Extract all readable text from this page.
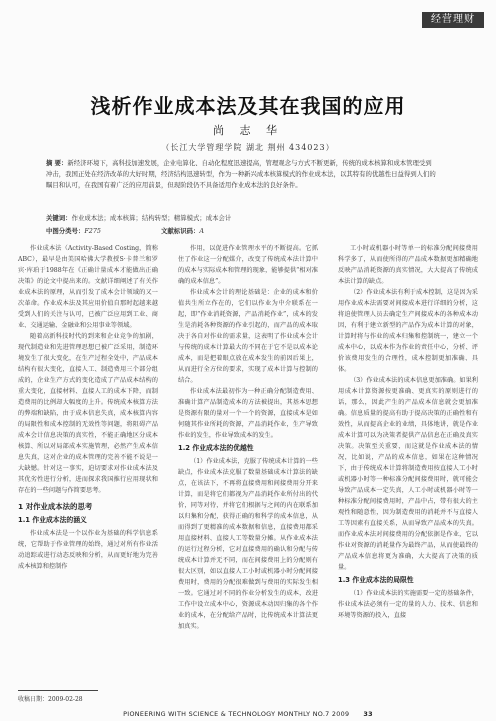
经营理财
浅析作业成本法及其在我国的应用
尚 志 华
（长江大学管理学院 湖北 荆州 434023）
摘 要：新经济环境下，高科技加速发展，企业电算化、自动化程度迅速提高，管理观念与方式不断更新，传统的成本核算和成本管理受到冲击，我国正处在经济改革的大好时期，经济结构迅速转型，作为一种新兴成本核算模式的作业成本法，以其特有的优越性日益得到人们的瞩目和认可，在我国有着广泛的应用前景，但现阶段仍不具备适用作业成本法的良好条件。
关键词：作业成本法；成本核算；结构转型；精算模式；成本会计
中图分类号：F275	文献标识码：A

作业成本法（Activity-Based Costing，简称ABC），最早是由美国哈佛大学教授S·卡普兰和罗宾·库珀于1988年在《正确计量成本才能做出正确决策》的论文中提出来的。文献详细阐述了有关作业成本法的原理，从而引发了成本会计领域的又一次革命。作业成本法及其应用价值自那时起越来越受到人们的关注与认可，已被广泛应用到工业、商业、交通运输、金融业和公用事业等领域。

随着高新科技时代的到来和企业竞争的加剧，现代制造业和先进管理思想已被广泛采用，制造环境发生了很大变化，在生产过程全处中，产品成本结构有很大变化，直接人工、制造费用三个部分组成的，企业生产方式的变化造成了产品成本结构的重大变化，直接材料、直接人工的成本下降，而制造费用的比例却大幅度的上升。传统成本核算方法的弊端和缺陷，由于成本信息失真，成本核算内容的局限性和成本控制的无效性等问题，将阻碍产品成本会计信息决策的真实性，不能正确地区分成本核算、所以对局部成本实施管理，必然产生成本信息失真，这对企业的成本管理的完善不能不说是一大缺憾。针对这一事实，迫切要求对作业成本法及其优劣性进行分析，进而探求我国推行应用现状和存在的一些问题与作简要思考。

1 对作业成本法的思考
1.1 作业成本法的涵义

作业成本法是一个以作业为基础的科学信息系统，它帮助于作业管理的始终，通过对所有作业活动追踪或进行动态反映和分析，从而更好地为完善成本核算和控制作

作用，以促进作业管理水平的不断提高。它抓住了作业这一分配媒介，改变了传统成本法计算中的成本与实际成本和管理的现象，能够提供“相对准确的成本信息”。

作业成本会计的理论基础是：企业的成本和价值共生所立作在的，它们以作业为中介联系在一起，即“作业消耗资源，产品消耗作业”，成本的发生是消耗各种资源的作业引起的，而产品的成本取决于各自对作业的需求量，这表明了作业成本会计与传统的成本计算最大的不同在于它不是以成本论成本，而是把着眼点放在成本发生的前因后果上，从而进行全方位的要求，实现了成本计算与控制的结合。

作业成本法最初作为一种正确分配制造费用、准确计算产品制造成本的方法被提出，其基本思想是资源有限的量对一个一个的资源，直接成本是如何随其作业所耗的资源，产品消耗作业，生产导致作业的发生，作业导致成本的发生。

1.2 作业成本法的优越性

（1）作业成本法，克服了传统成本计算的一些缺点，作业成本法克服了数量基础成本计算法的缺点，在该法下，不再将直接费用和间接费用分开来计算，而是将它们都视为产品消耗作业所付出的代价，同等对待，并将它们根据与之间的内在联系加以归集和分配，获得正确的和科学的成本信息，从而得到了更精准的成本数据和信息，直接费用都采用直接材料、直接人工等数量分摊。从作业成本法的运行过程分析，它对直接费用的确认和分配与传统成本计算并无不同，而在间接费用上的分配则有很大区别，如以直接人工小时或机器小时分配间接费用时，费用的分配很难做到与费用的实际发生相一致。它通过对不同的作业分析发生的成本，改进工作中设立成本中心，资源成本动因归集的各个作业的成本，在分配给产品时，比传统成本计算法更加真实。

工小时或机器小时等单一的标准分配间接费用科学多了，从而使所得的产品成本数据更加精确地反映产品消耗资源的真实情况，大大提高了传统成本法计算的缺点。

（2）作业成本法有利于成本控制，这是因为采用作业成本法需要对间接成本进行详细的分析，这将迫使管理人员去确定生产间接成本的各种成本动因，有利于建立新型的产品作为成本计算的对象，计算时将与作业的成本归集和控制统一，建立一个成本中心，以成本作为作业的责任中心，分析、评价该费用发生的合理性，成本控制更加准确、具体。

（3）作业成本法的成本信息更加准确。如果利用成本计算资源按更准确、更真实的原则进行的话，那么，因此产生的产品成本信息就会更加准确。信息质量的提高有助于提高决策的正确性和有效性，从而提高企业的业绩，具体地讲，就是作业成本计算可以为决策者提供产品信息在正确及真实决策。决策至关重要，而这就是作业成本法的情况，比如说，产品的成本信息，如果在这种情况下，由于传统成本计算将制造费用按直接人工小时或机器小时等一种标准分配间接费用时，就可能会导致产品成本一定失真，人工小时或机器小时等一种标准分配间接费用时，产品中占，带有很大的主观性和随意性，因为制造费用的消耗并不与直接人工等因素有直接关系，从而导致产品成本的失真。而作业成本法对间接费用的分配依据是作业，它以作业对资源的消耗量作为最终产品，从而使最终的产品成本信息将更为准确，大大提高了决策的质量。

1.3 作业成本法的局限性

（1）作业成本法的实施需要一定的基础条件，作业成本法必须有一定的量的人力、技术、信息和环境等资源的投入，直接

收稿日期：2009-02-28
PIONEERING WITH SCIENCE & TECHNOLOGY MONTHLY NO.7 2009 33
